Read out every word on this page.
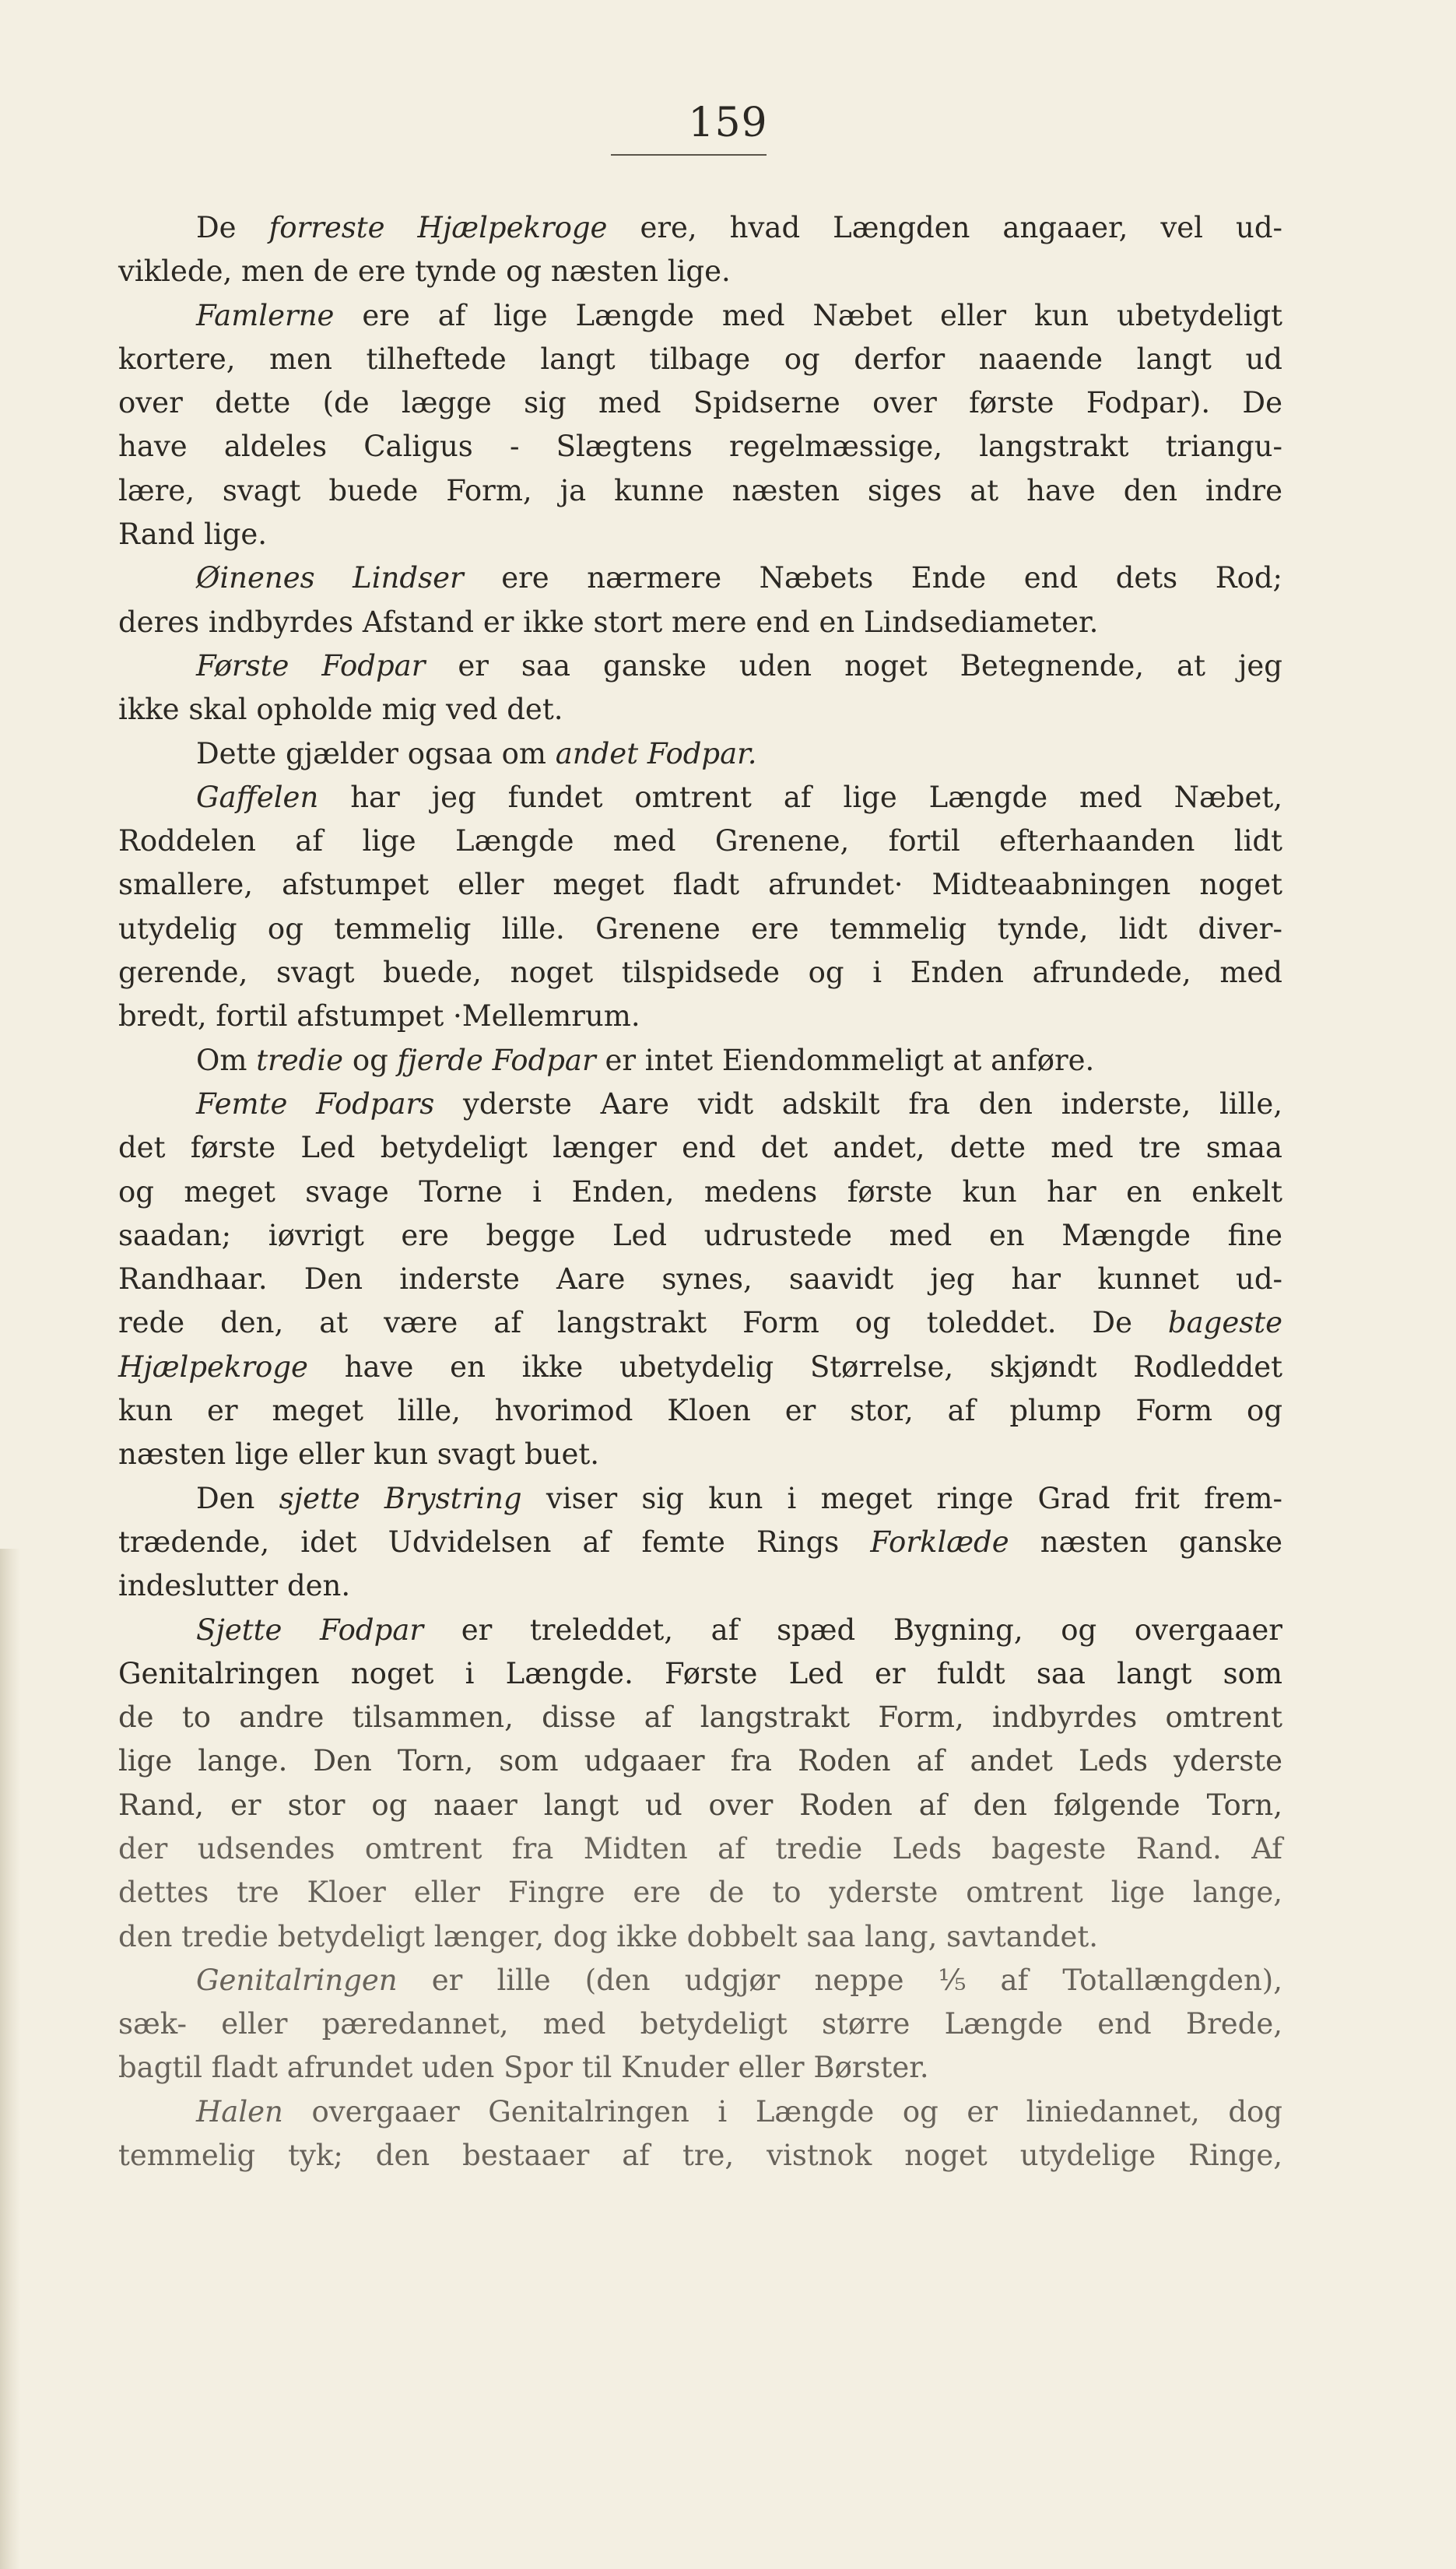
159
De forreste Hjælpekroge ere, hvad Længden angaaer, vel ud-
viklede, men de ere tynde og næsten lige.
Famlerne ere af lige Længde med Næbet eller kun ubetydeligt
kortere, men tilheftede langt tilbage og derfor naaende langt ud
over dette (de lægge sig med Spidserne over første Fodpar). De
have aldeles Caligus - Slægtens regelmæssige, langstrakt triangu-
lære, svagt buede Form, ja kunne næsten siges at have den indre
Rand lige.
Øinenes Lindser ere nærmere Næbets Ende end dets Rod;
deres indbyrdes Afstand er ikke stort mere end en Lindsediameter.
Første Fodpar er saa ganske uden noget Betegnende, at jeg
ikke skal opholde mig ved det.
Dette gjælder ogsaa om andet Fodpar.
Gaffelen har jeg fundet omtrent af lige Længde med Næbet,
Roddelen af lige Længde med Grenene, fortil efterhaanden lidt
smallere, afstumpet eller meget fladt afrundet· Midteaabningen noget
utydelig og temmelig lille. Grenene ere temmelig tynde, lidt diver-
gerende, svagt buede, noget tilspidsede og i Enden afrundede, med
bredt, fortil afstumpet ·Mellemrum.
Om tredie og fjerde Fodpar er intet Eiendommeligt at anføre.
Femte Fodpars yderste Aare vidt adskilt fra den inderste, lille,
det første Led betydeligt længer end det andet, dette med tre smaa
og meget svage Torne i Enden, medens første kun har en enkelt
saadan; iøvrigt ere begge Led udrustede med en Mængde fine
Randhaar. Den inderste Aare synes, saavidt jeg har kunnet ud-
rede den, at være af langstrakt Form og toleddet. De bageste
Hjælpekroge have en ikke ubetydelig Størrelse, skjøndt Rodleddet
kun er meget lille, hvorimod Kloen er stor, af plump Form og
næsten lige eller kun svagt buet.
Den sjette Brystring viser sig kun i meget ringe Grad frit frem-
trædende, idet Udvidelsen af femte Rings Forklæde næsten ganske
indeslutter den.
Sjette Fodpar er treleddet, af spæd Bygning, og overgaaer
Genitalringen noget i Længde. Første Led er fuldt saa langt som
de to andre tilsammen, disse af langstrakt Form, indbyrdes omtrent
lige lange. Den Torn, som udgaaer fra Roden af andet Leds yderste
Rand, er stor og naaer langt ud over Roden af den følgende Torn,
der udsendes omtrent fra Midten af tredie Leds bageste Rand. Af
dettes tre Kloer eller Fingre ere de to yderste omtrent lige lange,
den tredie betydeligt længer, dog ikke dobbelt saa lang, savtandet.
Genitalringen er lille (den udgjør neppe ⅕ af Totallængden),
sæk- eller pæredannet, med betydeligt større Længde end Brede,
bagtil fladt afrundet uden Spor til Knuder eller Børster.
Halen overgaaer Genitalringen i Længde og er liniedannet, dog
temmelig tyk; den bestaaer af tre, vistnok noget utydelige Ringe,
